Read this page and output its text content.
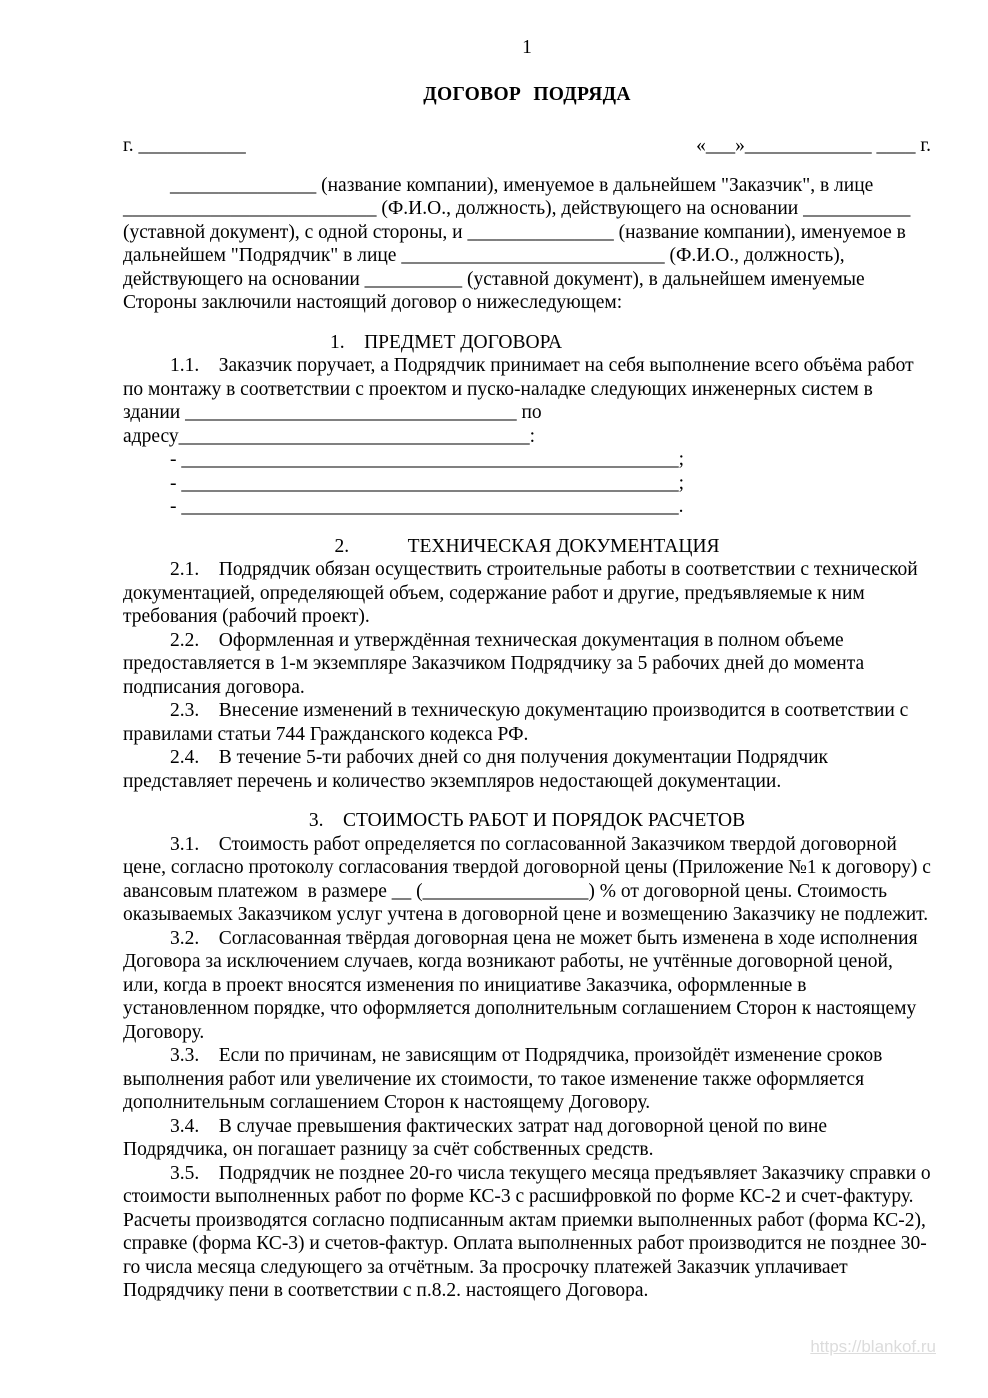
1
ДОГОВОР ПОДРЯДА
г. ___________	«___»_____________ ____ г.

_______________ (название компании), именуемое в дальнейшем "Заказчик", в лице __________________________ (Ф.И.О., должность), действующего на основании ___________ (уставной документ), с одной стороны, и _______________ (название компании), именуемое в дальнейшем "Подрядчик" в лице ___________________________ (Ф.И.О., должность), действующего на основании __________ (уставной документ), в дальнейшем именуемые Стороны заключили настоящий договор о нижеследующем:

1. ПРЕДМЕТ ДОГОВОРА

1.1. Заказчик поручает, а Подрядчик принимает на себя выполнение всего объёма работ по монтажу в соответствии с проектом и пуско-наладке следующих инженерных систем в здании __________________________________ по адресу____________________________________:

- ___________________________________________________;
- ___________________________________________________;
- ___________________________________________________.
2.   ТЕХНИЧЕСКАЯ ДОКУМЕНТАЦИЯ

2.1. Подрядчик обязан осуществить строительные работы в соответствии с технической документацией, определяющей объем, содержание работ и другие, предъявляемые к ним требования (рабочий проект).

2.2. Оформленная и утверждённая техническая документация в полном объеме предоставляется в 1-м экземпляре Заказчиком Подрядчику за 5 рабочих дней до момента подписания договора.

2.3. Внесение изменений в техническую документацию производится в соответствии с правилами статьи 744 Гражданского кодекса РФ.

2.4. В течение 5-ти рабочих дней со дня получения документации Подрядчик представляет перечень и количество экземпляров недостающей документации.

3. СТОИМОСТЬ РАБОТ И ПОРЯДОК РАСЧЕТОВ

3.1. Стоимость работ определяется по согласованной Заказчиком твердой договорной цене, согласно протоколу согласования твердой договорной цены (Приложение №1 к договору) с авансовым платежом  в размере __ (_________________) % от договорной цены. Стоимость оказываемых Заказчиком услуг учтена в договорной цене и возмещению Заказчику не подлежит.

3.2. Согласованная твёрдая договорная цена не может быть изменена в ходе исполнения Договора за исключением случаев, когда возникают работы, не учтённые договорной ценой, или, когда в проект вносятся изменения по инициативе Заказчика, оформленные в установленном порядке, что оформляется дополнительным соглашением Сторон к настоящему Договору.

3.3. Если по причинам, не зависящим от Подрядчика, произойдёт изменение сроков выполнения работ или увеличение их стоимости, то такое изменение также оформляется дополнительным соглашением Сторон к настоящему Договору.

3.4. В случае превышения фактических затрат над договорной ценой по вине Подрядчика, он погашает разницу за счёт собственных средств.

3.5. Подрядчик не позднее 20-го числа текущего месяца предъявляет Заказчику справки о стоимости выполненных работ по форме КС-3 с расшифровкой по форме КС-2 и счет-фактуру. Расчеты производятся согласно подписанным актам приемки выполненных работ (форма КС-2), справке (форма КС-3) и счетов-фактур. Оплата выполненных работ производится не позднее 30-го числа месяца следующего за отчётным. За просрочку платежей Заказчик уплачивает Подрядчику пени в соответствии с п.8.2. настоящего Договора.

https://blankof.ru
